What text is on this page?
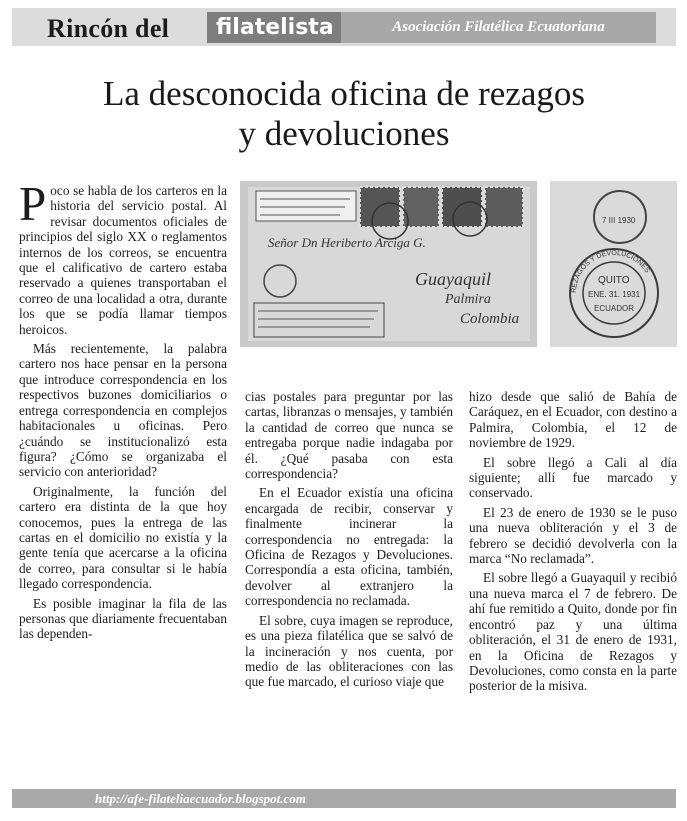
Rincón del	filatelista	Asociación Filatélica Ecuatoriana
La desconocida oficina de rezagos
y devoluciones

Poco se habla de los carteros en la historia del servicio postal. Al revisar documentos oficiales de principios del siglo XX o reglamentos internos de los correos, se encuentra que el calificativo de cartero estaba reservado a quienes transportaban el correo de una localidad a otra, durante los que se podía llamar tiempos heroicos.

Más recientemente, la palabra cartero nos hace pensar en la persona que introduce correspondencia en los respectivos buzones domiciliarios o entrega correspondencia en complejos habitacionales u oficinas. Pero ¿cuándo se institucionalizó esta figura? ¿Cómo se organizaba el servicio con anterioridad?

Originalmente, la función del cartero era distinta de la que hoy conocemos, pues la entrega de las cartas en el domicilio no existía y la gente tenía que acercarse a la oficina de correo, para consultar si le había llegado correspondencia.

Es posible imaginar la fila de las personas que diariamente frecuentaban las dependen-

Señor Dn Heriberto Arciga G.
Guayaquil
Palmira
Colombia
7 III 1930
QUITO
ENE. 31. 1931
ECUADOR
REZAGOS Y DEVOLUCIONES

cias postales para preguntar por las cartas, libranzas o mensajes, y también la cantidad de correo que nunca se entregaba porque nadie indagaba por él. ¿Qué pasaba con esta correspondencia?

En el Ecuador existía una oficina encargada de recibir, conservar y finalmente incinerar la correspondencia no entregada: la Oficina de Rezagos y Devoluciones. Correspondía a esta oficina, también, devolver al extranjero la correspondencia no reclamada.

El sobre, cuya imagen se reproduce, es una pieza filatélica que se salvó de la incineración y nos cuenta, por medio de las obliteraciones con las que fue marcado, el curioso viaje que

hizo desde que salió de Bahía de Caráquez, en el Ecuador, con destino a Palmira, Colombia, el 12 de noviembre de 1929.

El sobre llegó a Cali al día siguiente; allí fue marcado y conservado.

El 23 de enero de 1930 se le puso una nueva obliteración y el 3 de febrero se decidió devolverla con la marca “No reclamada”.

El sobre llegó a Guayaquil y recibió una nueva marca el 7 de febrero. De ahí fue remitido a Quito, donde por fin encontró paz y una última obliteración, el 31 de enero de 1931, en la Oficina de Rezagos y Devoluciones, como consta en la parte posterior de la misiva.

http://afe-filateliaecuador.blogspot.com
